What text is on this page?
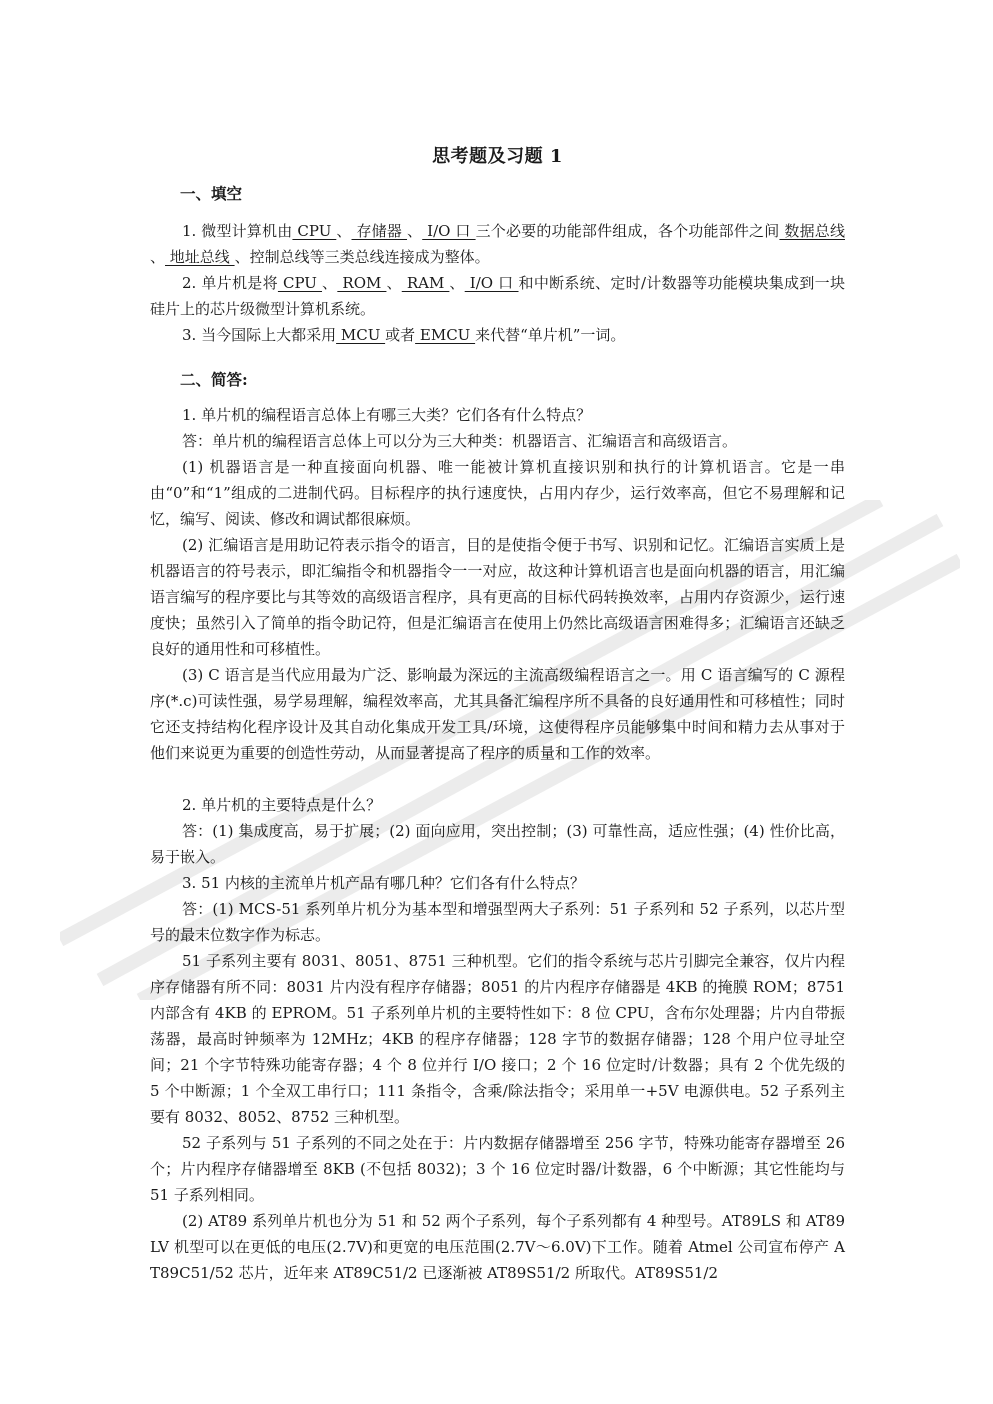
思考题及习题 1

一、填空

1. 微型计算机由 CPU 、 存储器 、 I/O 口 三个必要的功能部件组成，各个功能部件之间 数据总线 、 地址总线 、控制总线等三类总线连接成为整体。

2. 单片机是将 CPU 、 ROM 、 RAM 、 I/O 口 和中断系统、定时/计数器等功能模块集成到一块硅片上的芯片级微型计算机系统。

3. 当今国际上大都采用 MCU 或者 EMCU 来代替“单片机”一词。

二、简答:

1. 单片机的编程语言总体上有哪三大类？它们各有什么特点？

答：单片机的编程语言总体上可以分为三大种类：机器语言、汇编语言和高级语言。

(1) 机器语言是一种直接面向机器、唯一能被计算机直接识别和执行的计算机语言。它是一串由“0”和“1”组成的二进制代码。目标程序的执行速度快，占用内存少，运行效率高，但它不易理解和记忆，编写、阅读、修改和调试都很麻烦。

(2) 汇编语言是用助记符表示指令的语言，目的是使指令便于书写、识别和记忆。汇编语言实质上是机器语言的符号表示，即汇编指令和机器指令一一对应，故这种计算机语言也是面向机器的语言，用汇编语言编写的程序要比与其等效的高级语言程序，具有更高的目标代码转换效率，占用内存资源少，运行速度快；虽然引入了简单的指令助记符，但是汇编语言在使用上仍然比高级语言困难得多；汇编语言还缺乏良好的通用性和可移植性。

(3) C 语言是当代应用最为广泛、影响最为深远的主流高级编程语言之一。用 C 语言编写的 C 源程序(*.c)可读性强，易学易理解，编程效率高，尤其具备汇编程序所不具备的良好通用性和可移植性；同时它还支持结构化程序设计及其自动化集成开发工具/环境，这使得程序员能够集中时间和精力去从事对于他们来说更为重要的创造性劳动，从而显著提高了程序的质量和工作的效率。

2. 单片机的主要特点是什么？

答：(1) 集成度高，易于扩展；(2) 面向应用，突出控制；(3) 可靠性高，适应性强；(4) 性价比高，易于嵌入。

3. 51 内核的主流单片机产品有哪几种？它们各有什么特点？

答：(1) MCS-51 系列单片机分为基本型和增强型两大子系列：51 子系列和 52 子系列，以芯片型号的最末位数字作为标志。

51 子系列主要有 8031、8051、8751 三种机型。它们的指令系统与芯片引脚完全兼容，仅片内程序存储器有所不同：8031 片内没有程序存储器；8051 的片内程序存储器是 4KB 的掩膜 ROM；8751 内部含有 4KB 的 EPROM。51 子系列单片机的主要特性如下：8 位 CPU，含布尔处理器；片内自带振荡器，最高时钟频率为 12MHz；4KB 的程序存储器；128 字节的数据存储器；128 个用户位寻址空间；21 个字节特殊功能寄存器；4 个 8 位并行 I/O 接口；2 个 16 位定时/计数器；具有 2 个优先级的 5 个中断源；1 个全双工串行口；111 条指令，含乘/除法指令；采用单一+5V 电源供电。52 子系列主要有 8032、8052、8752 三种机型。

52 子系列与 51 子系列的不同之处在于：片内数据存储器增至 256 字节，特殊功能寄存器增至 26 个；片内程序存储器增至 8KB (不包括 8032)；3 个 16 位定时器/计数器，6 个中断源；其它性能均与 51 子系列相同。

(2) AT89 系列单片机也分为 51 和 52 两个子系列，每个子系列都有 4 种型号。AT89LS 和 AT89LV 机型可以在更低的电压(2.7V)和更宽的电压范围(2.7V～6.0V)下工作。随着 Atmel 公司宣布停产 AT89C51/52 芯片，近年来 AT89C51/2 已逐渐被 AT89S51/2 所取代。AT89S51/2
